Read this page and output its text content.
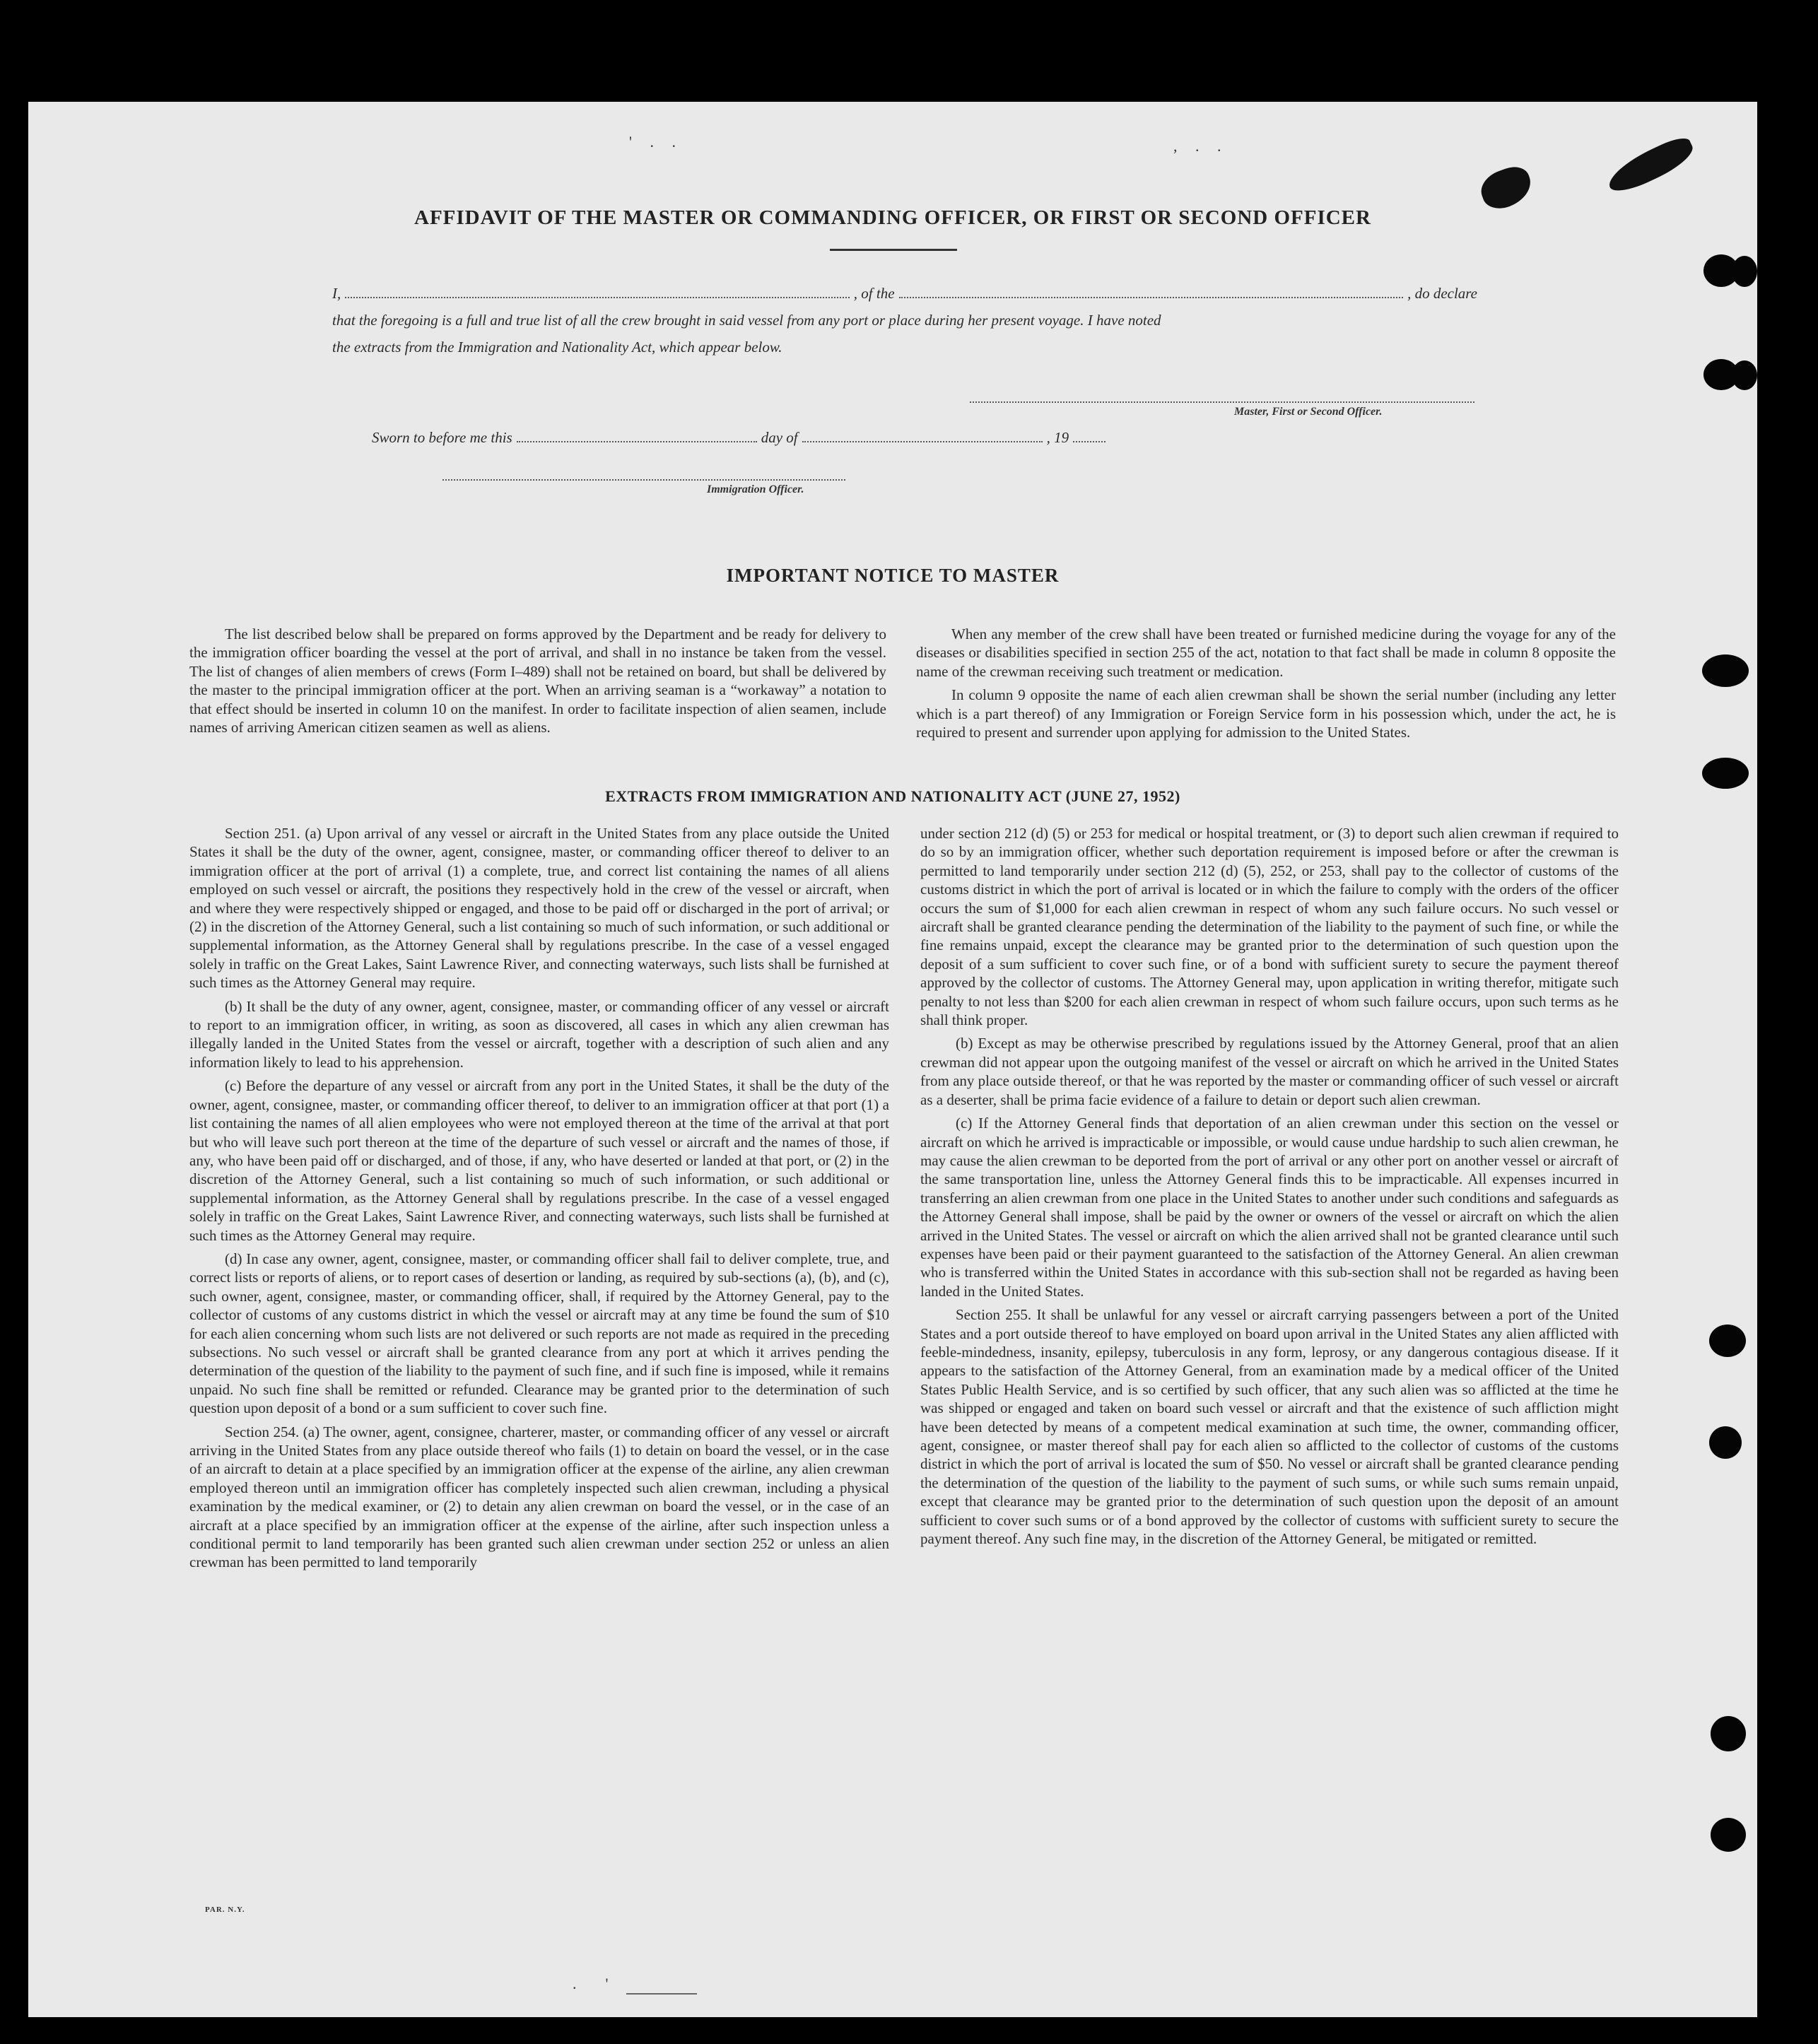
' . .	, . .
AFFIDAVIT OF THE MASTER OR COMMANDING OFFICER, OR FIRST OR SECOND OFFICER
I,	, of the	, do declare
that the foregoing is a full and true list of all the crew brought in said vessel from any port or place during her present voyage. I have noted
the extracts from the Immigration and Nationality Act, which appear below.
Master, First or Second Officer.
Sworn to before me this	day of	, 19
Immigration Officer.
IMPORTANT NOTICE TO MASTER

The list described below shall be prepared on forms approved by the Department and be ready for delivery to the immigration officer boarding the vessel at the port of arrival, and shall in no instance be taken from the vessel. The list of changes of alien members of crews (Form I–489) shall not be retained on board, but shall be delivered by the master to the principal immigration officer at the port. When an arriving seaman is a “workaway” a notation to that effect should be inserted in column 10 on the manifest. In order to facilitate inspection of alien seamen, include names of arriving American citizen seamen as well as aliens.

When any member of the crew shall have been treated or furnished medicine during the voyage for any of the diseases or disabilities specified in section 255 of the act, notation to that fact shall be made in column 8 opposite the name of the crewman receiving such treatment or medication.

In column 9 opposite the name of each alien crewman shall be shown the serial number (including any letter which is a part thereof) of any Immigration or Foreign Service form in his possession which, under the act, he is required to present and surrender upon applying for admission to the United States.

EXTRACTS FROM IMMIGRATION AND NATIONALITY ACT (JUNE 27, 1952)

Section 251. (a) Upon arrival of any vessel or aircraft in the United States from any place outside the United States it shall be the duty of the owner, agent, consignee, master, or commanding officer thereof to deliver to an immigration officer at the port of arrival (1) a complete, true, and correct list containing the names of all aliens employed on such vessel or aircraft, the positions they respectively hold in the crew of the vessel or aircraft, when and where they were respectively shipped or engaged, and those to be paid off or discharged in the port of arrival; or (2) in the discretion of the Attorney General, such a list containing so much of such information, or such additional or supplemental information, as the Attorney General shall by regulations prescribe. In the case of a vessel engaged solely in traffic on the Great Lakes, Saint Lawrence River, and connecting waterways, such lists shall be furnished at such times as the Attorney General may require.

(b) It shall be the duty of any owner, agent, consignee, master, or commanding officer of any vessel or aircraft to report to an immigration officer, in writing, as soon as discovered, all cases in which any alien crewman has illegally landed in the United States from the vessel or aircraft, together with a description of such alien and any information likely to lead to his apprehension.

(c) Before the departure of any vessel or aircraft from any port in the United States, it shall be the duty of the owner, agent, consignee, master, or commanding officer thereof, to deliver to an immigration officer at that port (1) a list containing the names of all alien employees who were not employed thereon at the time of the arrival at that port but who will leave such port thereon at the time of the departure of such vessel or aircraft and the names of those, if any, who have been paid off or discharged, and of those, if any, who have deserted or landed at that port, or (2) in the discretion of the Attorney General, such a list containing so much of such information, or such additional or supplemental information, as the Attorney General shall by regulations prescribe. In the case of a vessel engaged solely in traffic on the Great Lakes, Saint Lawrence River, and connecting waterways, such lists shall be furnished at such times as the Attorney General may require.

(d) In case any owner, agent, consignee, master, or commanding officer shall fail to deliver complete, true, and correct lists or reports of aliens, or to report cases of desertion or landing, as required by sub-sections (a), (b), and (c), such owner, agent, consignee, master, or commanding officer, shall, if required by the Attorney General, pay to the collector of customs of any customs district in which the vessel or aircraft may at any time be found the sum of $10 for each alien concerning whom such lists are not delivered or such reports are not made as required in the preceding subsections. No such vessel or aircraft shall be granted clearance from any port at which it arrives pending the determination of the question of the liability to the payment of such fine, and if such fine is imposed, while it remains unpaid. No such fine shall be remitted or refunded. Clearance may be granted prior to the determination of such question upon deposit of a bond or a sum sufficient to cover such fine.

Section 254. (a) The owner, agent, consignee, charterer, master, or commanding officer of any vessel or aircraft arriving in the United States from any place outside thereof who fails (1) to detain on board the vessel, or in the case of an aircraft to detain at a place specified by an immigration officer at the expense of the airline, any alien crewman employed thereon until an immigration officer has completely inspected such alien crewman, including a physical examination by the medical examiner, or (2) to detain any alien crewman on board the vessel, or in the case of an aircraft at a place specified by an immigration officer at the expense of the airline, after such inspection unless a conditional permit to land temporarily has been granted such alien crewman under section 252 or unless an alien crewman has been permitted to land temporarily

under section 212 (d) (5) or 253 for medical or hospital treatment, or (3) to deport such alien crewman if required to do so by an immigration officer, whether such deportation requirement is imposed before or after the crewman is permitted to land temporarily under section 212 (d) (5), 252, or 253, shall pay to the collector of customs of the customs district in which the port of arrival is located or in which the failure to comply with the orders of the officer occurs the sum of $1,000 for each alien crewman in respect of whom any such failure occurs. No such vessel or aircraft shall be granted clearance pending the determination of the liability to the payment of such fine, or while the fine remains unpaid, except the clearance may be granted prior to the determination of such question upon the deposit of a sum sufficient to cover such fine, or of a bond with sufficient surety to secure the payment thereof approved by the collector of customs. The Attorney General may, upon application in writing therefor, mitigate such penalty to not less than $200 for each alien crewman in respect of whom such failure occurs, upon such terms as he shall think proper.

(b) Except as may be otherwise prescribed by regulations issued by the Attorney General, proof that an alien crewman did not appear upon the outgoing manifest of the vessel or aircraft on which he arrived in the United States from any place outside thereof, or that he was reported by the master or commanding officer of such vessel or aircraft as a deserter, shall be prima facie evidence of a failure to detain or deport such alien crewman.

(c) If the Attorney General finds that deportation of an alien crewman under this section on the vessel or aircraft on which he arrived is impracticable or impossible, or would cause undue hardship to such alien crewman, he may cause the alien crewman to be deported from the port of arrival or any other port on another vessel or aircraft of the same transportation line, unless the Attorney General finds this to be impracticable. All expenses incurred in transferring an alien crewman from one place in the United States to another under such conditions and safeguards as the Attorney General shall impose, shall be paid by the owner or owners of the vessel or aircraft on which the alien arrived in the United States. The vessel or aircraft on which the alien arrived shall not be granted clearance until such expenses have been paid or their payment guaranteed to the satisfaction of the Attorney General. An alien crewman who is transferred within the United States in accordance with this sub-section shall not be regarded as having been landed in the United States.

Section 255. It shall be unlawful for any vessel or aircraft carrying passengers between a port of the United States and a port outside thereof to have employed on board upon arrival in the United States any alien afflicted with feeble-mindedness, insanity, epilepsy, tuberculosis in any form, leprosy, or any dangerous contagious disease. If it appears to the satisfaction of the Attorney General, from an examination made by a medical officer of the United States Public Health Service, and is so certified by such officer, that any such alien was so afflicted at the time he was shipped or engaged and taken on board such vessel or aircraft and that the existence of such affliction might have been detected by means of a competent medical examination at such time, the owner, commanding officer, agent, consignee, or master thereof shall pay for each alien so afflicted to the collector of customs of the customs district in which the port of arrival is located the sum of $50. No vessel or aircraft shall be granted clearance pending the determination of the question of the liability to the payment of such sums, or while such sums remain unpaid, except that clearance may be granted prior to the determination of such question upon the deposit of an amount sufficient to cover such sums or of a bond approved by the collector of customs with sufficient surety to secure the payment thereof. Any such fine may, in the discretion of the Attorney General, be mitigated or remitted.

PAR. N.Y.
.  '
